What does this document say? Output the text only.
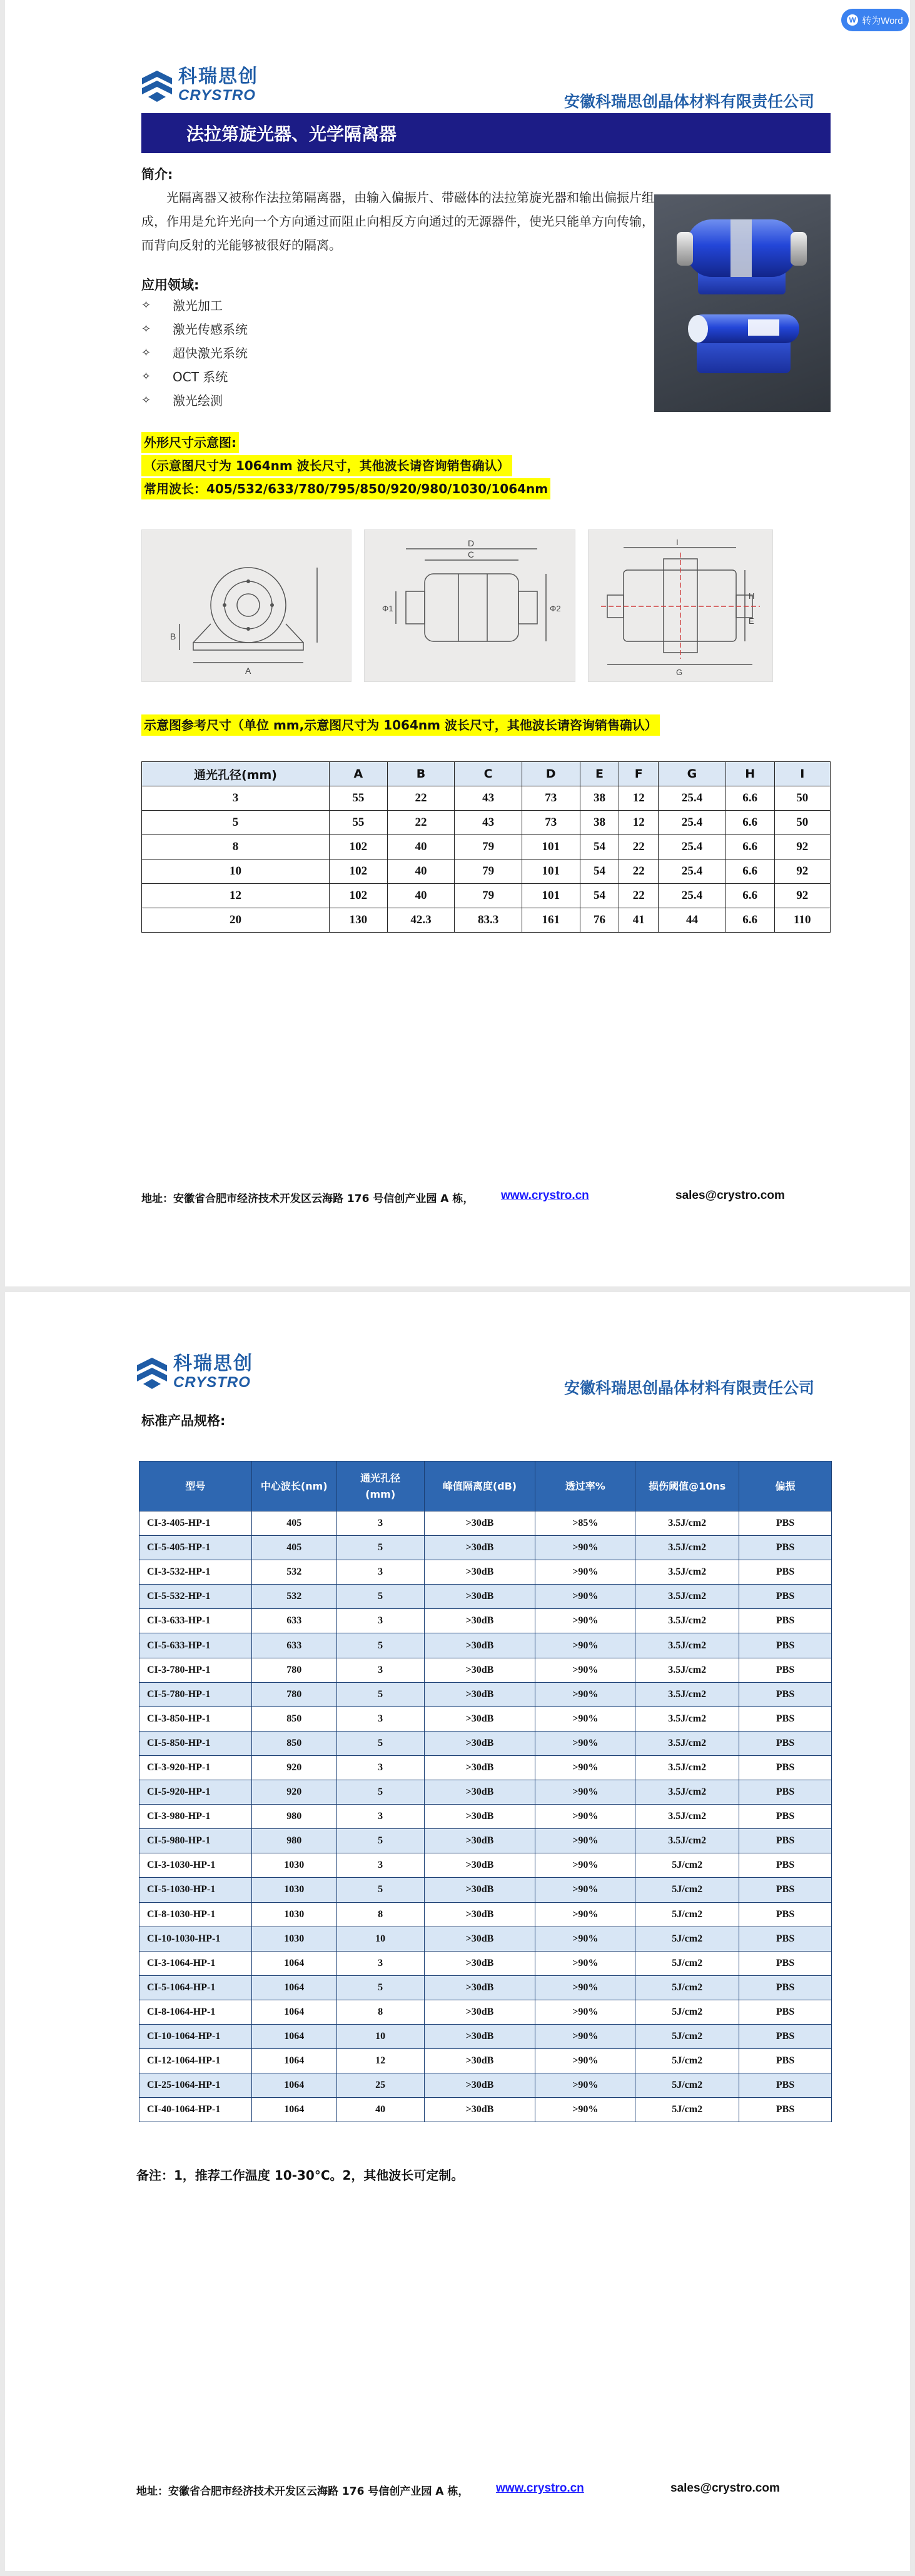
W 转为Word
科瑞思创
CRYSTRO	安徽科瑞思创晶体材料有限责任公司
法拉第旋光器、光学隔离器
简介:
光隔离器又被称作法拉第隔离器，由输入偏振片、带磁体的法拉第旋光器和输出偏振片组成，作用是允许光向一个方向通过而阻止向相反方向通过的无源器件，使光只能单方向传输，而背向反射的光能够被很好的隔离。
应用领域:
✧	激光加工
✧	激光传感系统
✧	超快激光系统
✧	OCT 系统
✧	激光绘测
外形尺寸示意图:
（示意图尺寸为 1064nm 波长尺寸，其他波长请咨询销售确认）
常用波长：405/532/633/780/795/850/920/980/1030/1064nm
B
A
C
D
Φ1	Φ2
I
H
E
G
示意图参考尺寸（单位 mm,示意图尺寸为 1064nm 波长尺寸，其他波长请咨询销售确认）
通光孔径(mm)	A	B	C	D	E	F	G	H	I
3	55	22	43	73	38	12	25.4	6.6	50
5	55	22	43	73	38	12	25.4	6.6	50
8	102	40	79	101	54	22	25.4	6.6	92
10	102	40	79	101	54	22	25.4	6.6	92
12	102	40	79	101	54	22	25.4	6.6	92
20	130	42.3	83.3	161	76	41	44	6.6	110
地址：安徽省合肥市经济技术开发区云海路 176 号信创产业园 A 栋， www.crystro.cn	sales@crystro.com
科瑞思创
CRYSTRO	安徽科瑞思创晶体材料有限责任公司
标准产品规格:
型号	中心波长(nm)	通光孔径
(mm)	峰值隔离度(dB)	透过率%	损伤阈值@10ns	偏振
CI-3-405-HP-1	405	3	>30dB	>85%	3.5J/cm2	PBS
CI-5-405-HP-1	405	5	>30dB	>90%	3.5J/cm2	PBS
CI-3-532-HP-1	532	3	>30dB	>90%	3.5J/cm2	PBS
CI-5-532-HP-1	532	5	>30dB	>90%	3.5J/cm2	PBS
CI-3-633-HP-1	633	3	>30dB	>90%	3.5J/cm2	PBS
CI-5-633-HP-1	633	5	>30dB	>90%	3.5J/cm2	PBS
CI-3-780-HP-1	780	3	>30dB	>90%	3.5J/cm2	PBS
CI-5-780-HP-1	780	5	>30dB	>90%	3.5J/cm2	PBS
CI-3-850-HP-1	850	3	>30dB	>90%	3.5J/cm2	PBS
CI-5-850-HP-1	850	5	>30dB	>90%	3.5J/cm2	PBS
CI-3-920-HP-1	920	3	>30dB	>90%	3.5J/cm2	PBS
CI-5-920-HP-1	920	5	>30dB	>90%	3.5J/cm2	PBS
CI-3-980-HP-1	980	3	>30dB	>90%	3.5J/cm2	PBS
CI-5-980-HP-1	980	5	>30dB	>90%	3.5J/cm2	PBS
CI-3-1030-HP-1	1030	3	>30dB	>90%	5J/cm2	PBS
CI-5-1030-HP-1	1030	5	>30dB	>90%	5J/cm2	PBS
CI-8-1030-HP-1	1030	8	>30dB	>90%	5J/cm2	PBS
CI-10-1030-HP-1	1030	10	>30dB	>90%	5J/cm2	PBS
CI-3-1064-HP-1	1064	3	>30dB	>90%	5J/cm2	PBS
CI-5-1064-HP-1	1064	5	>30dB	>90%	5J/cm2	PBS
CI-8-1064-HP-1	1064	8	>30dB	>90%	5J/cm2	PBS
CI-10-1064-HP-1	1064	10	>30dB	>90%	5J/cm2	PBS
CI-12-1064-HP-1	1064	12	>30dB	>90%	5J/cm2	PBS
CI-25-1064-HP-1	1064	25	>30dB	>90%	5J/cm2	PBS
CI-40-1064-HP-1	1064	40	>30dB	>90%	5J/cm2	PBS
备注：1，推荐工作温度 10-30°C。2，其他波长可定制。
地址：安徽省合肥市经济技术开发区云海路 176 号信创产业园 A 栋， www.crystro.cn	sales@crystro.com
